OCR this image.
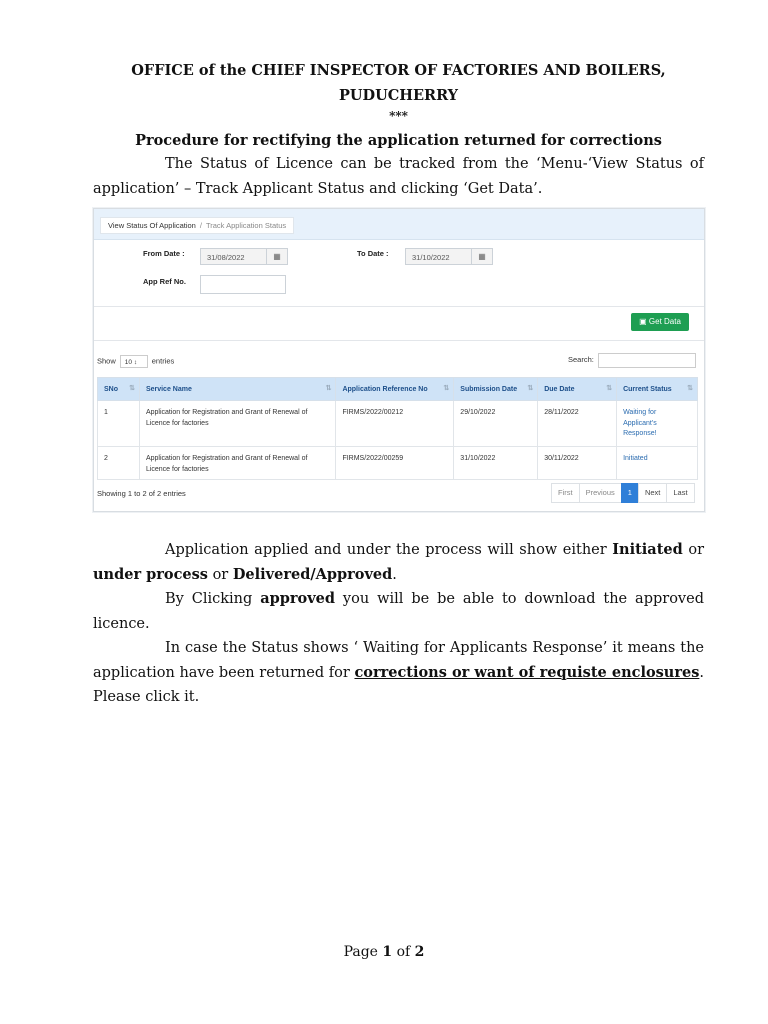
OFFICE of the CHIEF INSPECTOR OF FACTORIES AND BOILERS,

PUDUCHERRY

***

Procedure for rectifying the application returned for corrections

The Status of Licence can be tracked from the ‘Menu-‘View Status of application’ – Track Applicant Status and clicking ‘Get Data’.

View Status Of Application / Track Application Status
From Date :	31/08/2022	▦	To Date :	31/10/2022	▦
App Ref No.
▣ Get Data
Show 10 ↕ entries	Search:
SNo ⇅	Service Name ⇅	Application Reference No ⇅	Submission Date ⇅	Due Date ⇅	Current Status ⇅

1	Application for Registration and Grant of Renewal of Licence for factories	FIRMS/2022/00212	29/10/2022	28/11/2022	Waiting for Applicant's Response!
2	Application for Registration and Grant of Renewal of Licence for factories	FIRMS/2022/00259	31/10/2022	30/11/2022	Initiated
Showing 1 to 2 of 2 entries	First	Previous	1	Next	Last

Application applied and under the process will show either Initiated or under process or Delivered/Approved.

By Clicking approved you will be be able to download the approved licence.

In case the Status shows ‘ Waiting for Applicants Response’ it means the application have been returned for corrections or want of requiste enclosures. Please click it.

Page 1 of 2
